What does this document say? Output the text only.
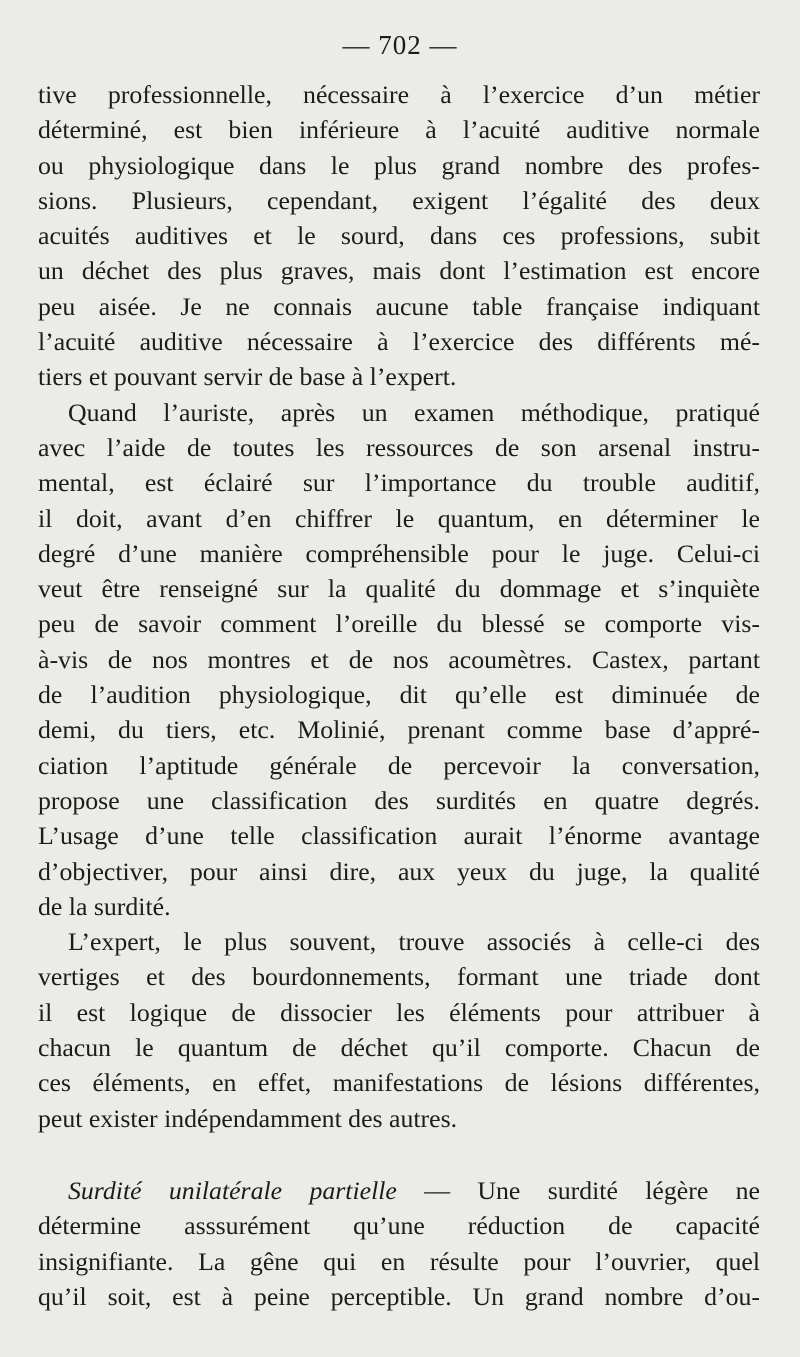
— 702 —
tive professionnelle, nécessaire à l’exercice d’un métier
déterminé, est bien inférieure à l’acuité auditive normale
ou physiologique dans le plus grand nombre des profes-
sions. Plusieurs, cependant, exigent l’égalité des deux
acuités auditives et le sourd, dans ces professions, subit
un déchet des plus graves, mais dont l’estimation est encore
peu aisée. Je ne connais aucune table française indiquant
l’acuité auditive nécessaire à l’exercice des différents mé-
tiers et pouvant servir de base à l’expert.
Quand l’auriste, après un examen méthodique, pratiqué
avec l’aide de toutes les ressources de son arsenal instru-
mental, est éclairé sur l’importance du trouble auditif,
il doit, avant d’en chiffrer le quantum, en déterminer le
degré d’une manière compréhensible pour le juge. Celui-ci
veut être renseigné sur la qualité du dommage et s’inquiète
peu de savoir comment l’oreille du blessé se comporte vis-
à-vis de nos montres et de nos acoumètres. Castex, partant
de l’audition physiologique, dit qu’elle est diminuée de
demi, du tiers, etc. Molinié, prenant comme base d’appré-
ciation l’aptitude générale de percevoir la conversation,
propose une classification des surdités en quatre degrés.
L’usage d’une telle classification aurait l’énorme avantage
d’objectiver, pour ainsi dire, aux yeux du juge, la qualité
de la surdité.
L’expert, le plus souvent, trouve associés à celle-ci des
vertiges et des bourdonnements, formant une triade dont
il est logique de dissocier les éléments pour attribuer à
chacun le quantum de déchet qu’il comporte. Chacun de
ces éléments, en effet, manifestations de lésions différentes,
peut exister indépendamment des autres.
Surdité unilatérale partielle — Une surdité légère ne
détermine asssurément qu’une réduction de capacité
insignifiante. La gêne qui en résulte pour l’ouvrier, quel
qu’il soit, est à peine perceptible. Un grand nombre d’ou-
